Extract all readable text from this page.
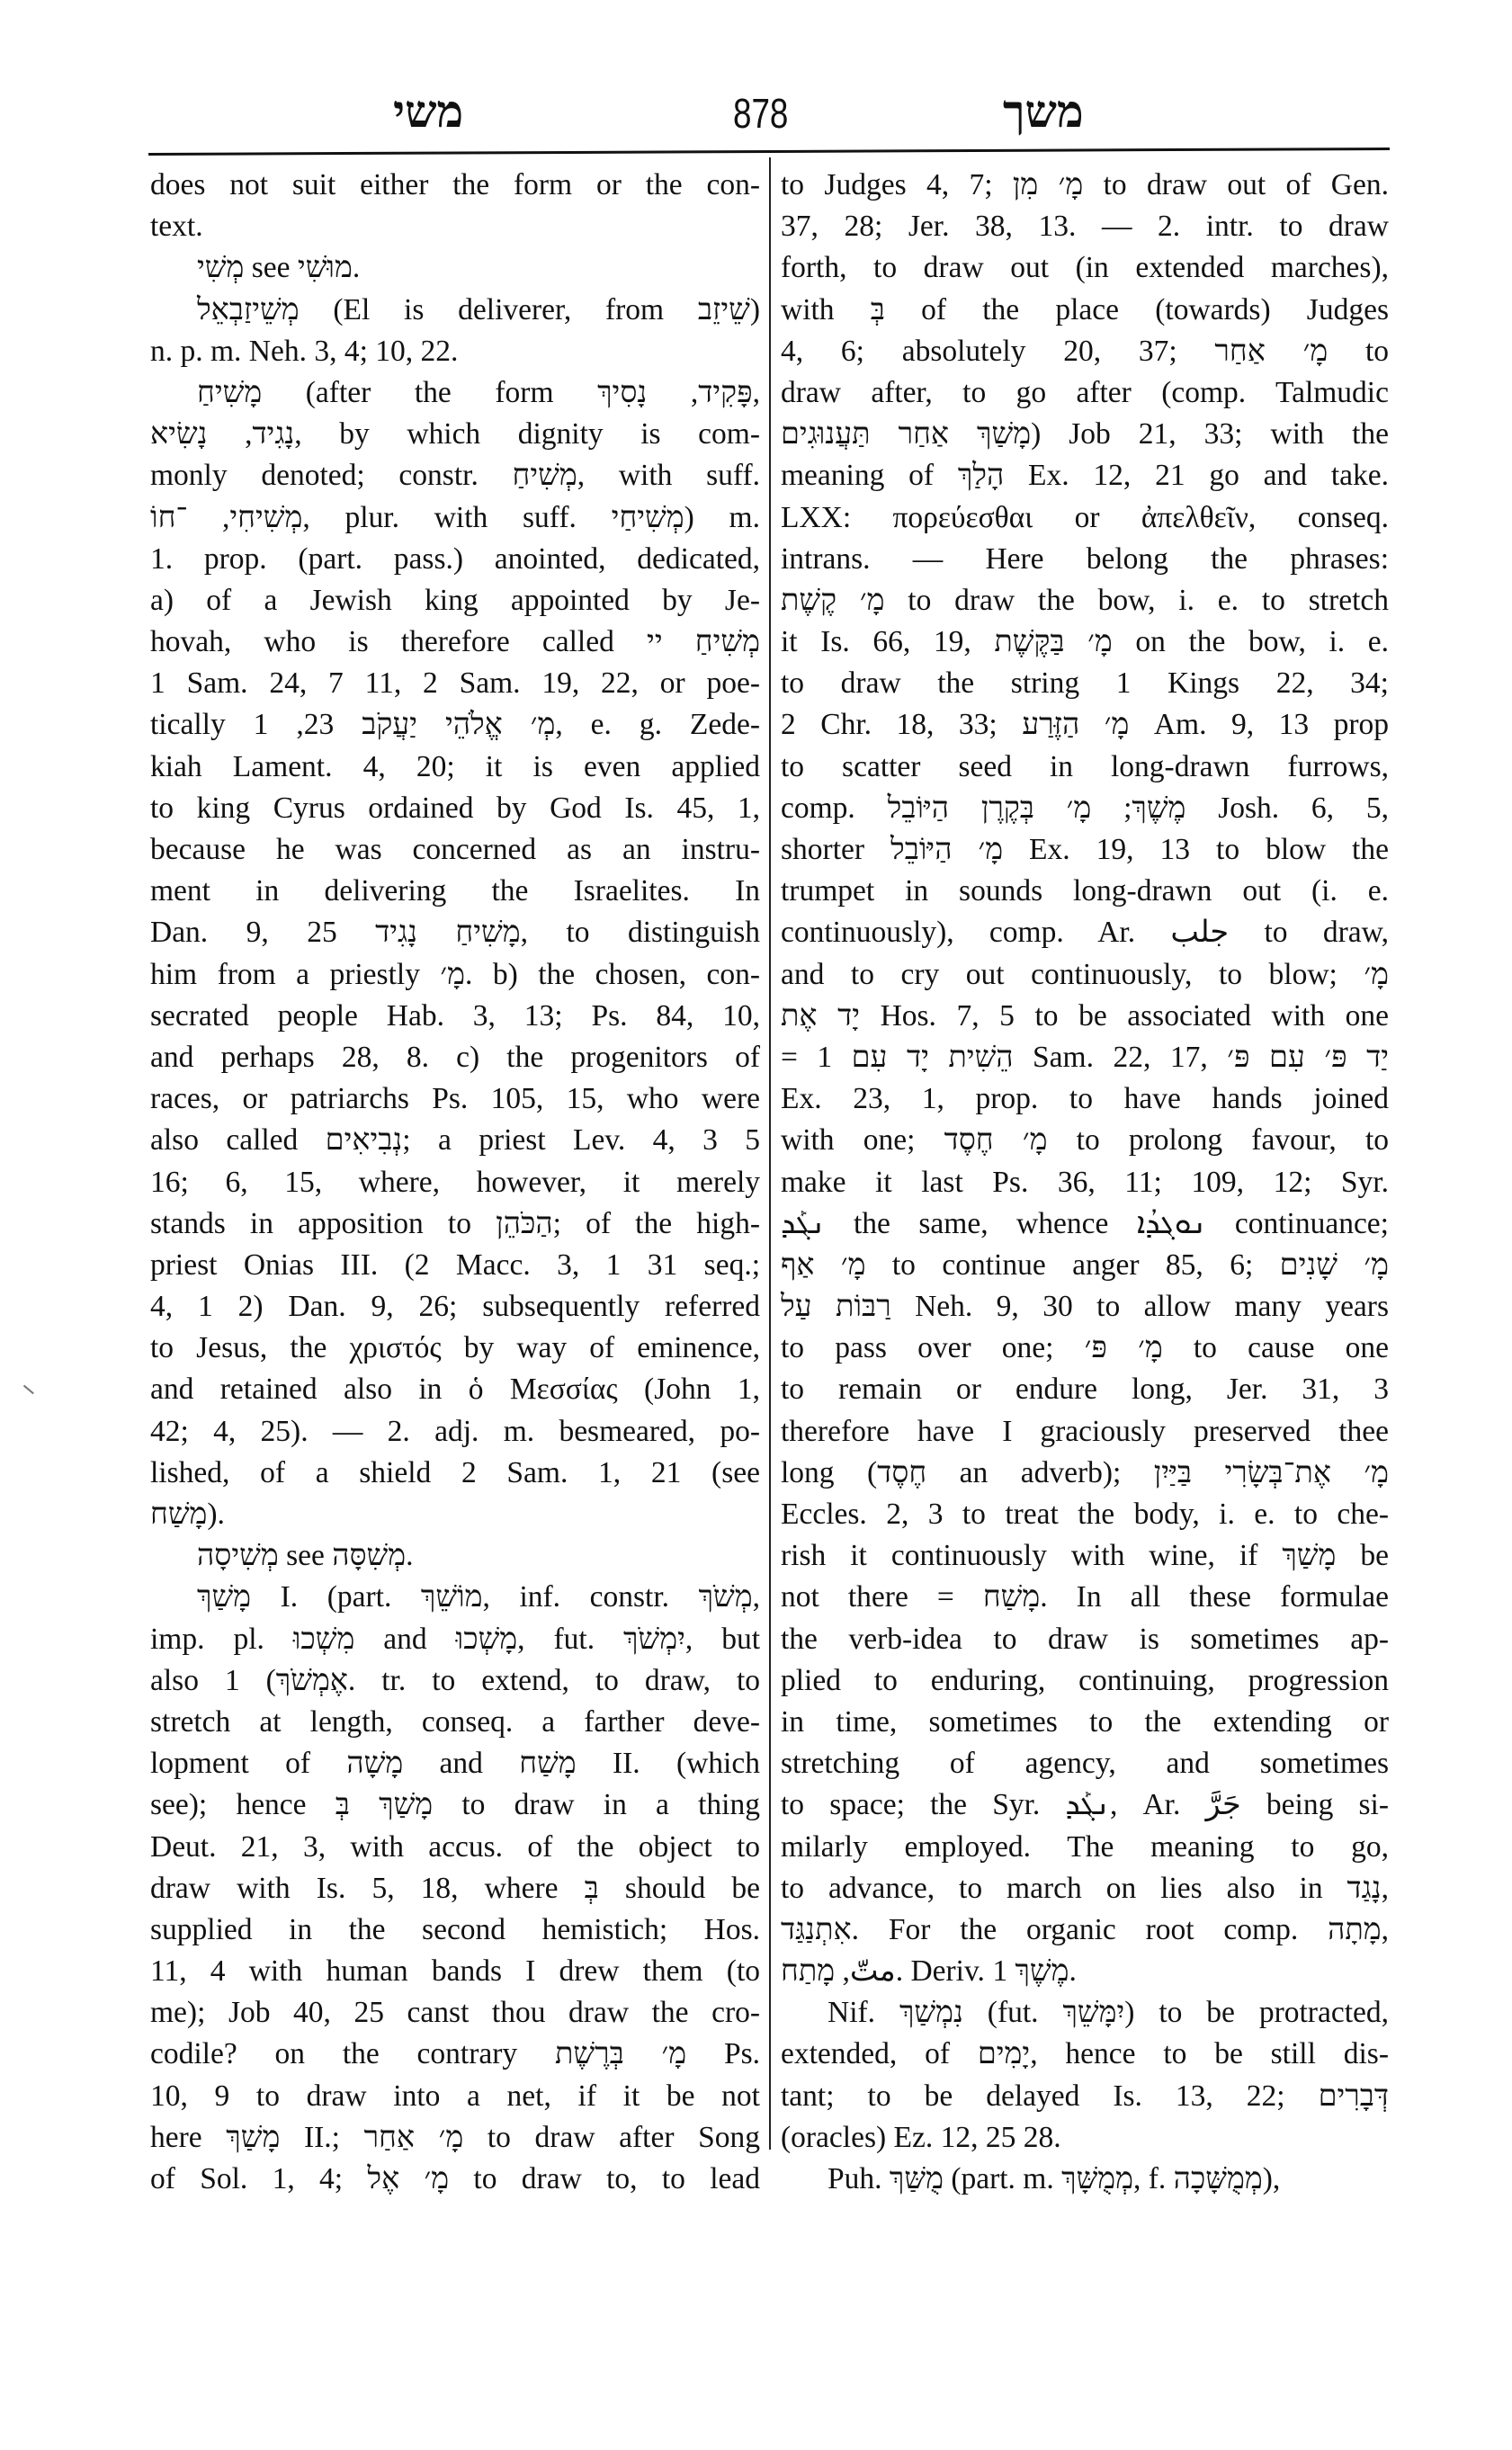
משי	878	משך
does not suit either the form or the con-
text.
מְשִׁי see מוּשִׁי.
מְשֵׁיזַבְאֵל (El is deliverer, from שֵׁיזֵב)
n. p. m. Neh. 3, 4; 10, 22.
מָשִׁיחַ (after the form פָּקִיד, נָסִיךְ,
נָגִיד, נָשִׂיא, by which dignity is com-
monly denoted; constr. מְשִׁיחַ, with suff.
מְשִׁיחִי, ־חוֹ, plur. with suff. מְשִׁיחַי) m.
1. prop. (part. pass.) anointed, dedicated,
a) of a Jewish king appointed by Je-
hovah, who is therefore called מְשִׁיחַ יי
1 Sam. 24, 7 11, 2 Sam. 19, 22, or poe-
tically מְ׳ אֱלֹהֵי יַעֲקֹב 23, 1, e. g. Zede-
kiah Lament. 4, 20; it is even applied
to king Cyrus ordained by God Is. 45, 1,
because he was concerned as an instru-
ment in delivering the Israelites. In
Dan. 9, 25 מָשִׁיחַ נָגִיד, to distinguish
him from a priestly מָ׳. b) the chosen, con-
secrated people Hab. 3, 13; Ps. 84, 10,
and perhaps 28, 8. c) the progenitors of
races, or patriarchs Ps. 105, 15, who were
also called נְבִיאִים; a priest Lev. 4, 3 5
16; 6, 15, where, however, it merely
stands in apposition to הַכֹּהֵן; of the high-
priest Onias III. (2 Macc. 3, 1 31 seq.;
4, 1 2) Dan. 9, 26; subsequently referred
to Jesus, the χριστός by way of eminence,
and retained also in ὁ Μεσσίας (John 1,
42; 4, 25). — 2. adj. m. besmeared, po-
lished, of a shield 2 Sam. 1, 21 (see
מָשַׁח).
מְשִׁיסָה see מְשִׁסָּה.
מָשַׁךְ I. (part. מוֹשֵׁךְ, inf. constr. מְשֹׁךְ,
imp. pl. מִשְׁכוּ and מָשְׁכוּ, fut. יִמְשֹׁךְ, but
also אֶמְשֹׁךְ) 1. tr. to extend, to draw, to
stretch at length, conseq. a farther deve-
lopment of מָשָׁה and מָשַׁח II. (which
see); hence מָשַׁךְ בְּ to draw in a thing
Deut. 21, 3, with accus. of the object to
draw with Is. 5, 18, where בְּ should be
supplied in the second hemistich; Hos.
11, 4 with human bands I drew them (to
me); Job 40, 25 canst thou draw the cro-
codile? on the contrary מָ׳ בְּרֶשֶׁת Ps.
10, 9 to draw into a net, if it be not
here מָשַׁךְ II.; מָ׳ אַחַר to draw after Song
of Sol. 1, 4; מָ׳ אֶל to draw to, to lead
to Judges 4, 7; מָ׳ מִן to draw out of Gen.
37, 28; Jer. 38, 13. — 2. intr. to draw
forth, to draw out (in extended marches),
with בְּ of the place (towards) Judges
4, 6; absolutely 20, 37; מָ׳ אַחַר to
draw after, to go after (comp. Talmudic
מָשַׁךְ אַחַר תַּעֲנוּגִים) Job 21, 33; with the
meaning of הָלַךְ Ex. 12, 21 go and take.
LXX: πορεύεσθαι or ἀπελθεῖν, conseq.
intrans. — Here belong the phrases:
מָ׳ קֶשֶׁת to draw the bow, i. e. to stretch
it Is. 66, 19, מָ׳ בַּקֶּשֶׁת on the bow, i. e.
to draw the string 1 Kings 22, 34;
2 Chr. 18, 33; מָ׳ הַזֶּרַע Am. 9, 13 prop
to scatter seed in long-drawn furrows,
comp. מֶשֶׁךְ; מָ׳ בְּקֶרֶן הַיּוֹבֵל Josh. 6, 5,
shorter מָ׳ הַיּוֹבֵל Ex. 19, 13 to blow the
trumpet in sounds long-drawn out (i. e.
continuously), comp. Ar. جلب to draw,
and to cry out continuously, to blow; מָ׳
יָד אֶת Hos. 7, 5 to be associated with one
= הֵשִׁית יָד עִם 1 Sam. 22, 17, יַד פּ׳ עִם פּ׳
Ex. 23, 1, prop. to have hands joined
with one; מָ׳ חֶסֶד to prolong favour, to
make it last Ps. 36, 11; 109, 12; Syr.
ܢܓܰܕ the same, whence ܢܘܓܕܳܐ continuance;
מָ׳ אַף to continue anger 85, 6; מָ׳ שָׁנִים
רַבּוֹת עַל Neh. 9, 30 to allow many years
to pass over one; מָ׳ פּ׳ to cause one
to remain or endure long, Jer. 31, 3
therefore have I graciously preserved thee
long (חֶסֶד an adverb); מָ׳ אֶת־בְּשָׂרִי בַּיַּיִן
Eccles. 2, 3 to treat the body, i. e. to che-
rish it continuously with wine, if מָשַׁךְ be
not there = מָשַׁח. In all these formulae
the verb-idea to draw is sometimes ap-
plied to enduring, continuing, progression
in time, sometimes to the extending or
stretching of agency, and sometimes
to space; the Syr. ܢܓܰܕ, Ar. جَرَّ being si-
milarly employed. The meaning to go,
to advance, to march on lies also in נָגַד,
אִתְנַגַּד. For the organic root comp. מָתָה,
متّ, מָתַח. Deriv. מֶשֶׁךְ 1.
Nif. נִמְשַׁךְ (fut. יִמָּשֵׁךְ) to be protracted,
extended, of יָמִים, hence to be still dis-
tant; to be delayed Is. 13, 22; דְּבָרִים
(oracles) Ez. 12, 25 28.
Puh. מֻשַּׁךְ (part. m. מְמֻשָּׁךְ, f. מְמֻשָּׁכָה),
